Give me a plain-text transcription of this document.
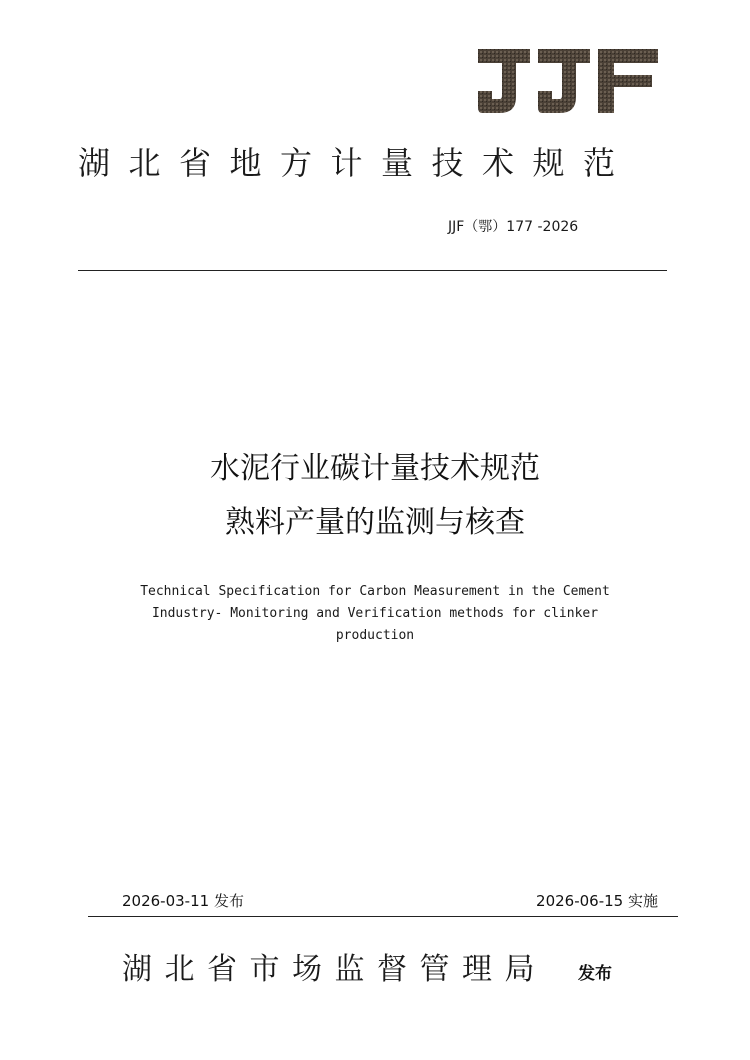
湖北省地方计量技术规范
JJF（鄂）177 -2026
水泥行业碳计量技术规范
熟料产量的监测与核查
Technical Specification for Carbon Measurement in the Cement
Industry- Monitoring and Verification methods for clinker
production
2026-03-11 发布	2026-06-15 实施
湖北省市场监督管理局 发布
